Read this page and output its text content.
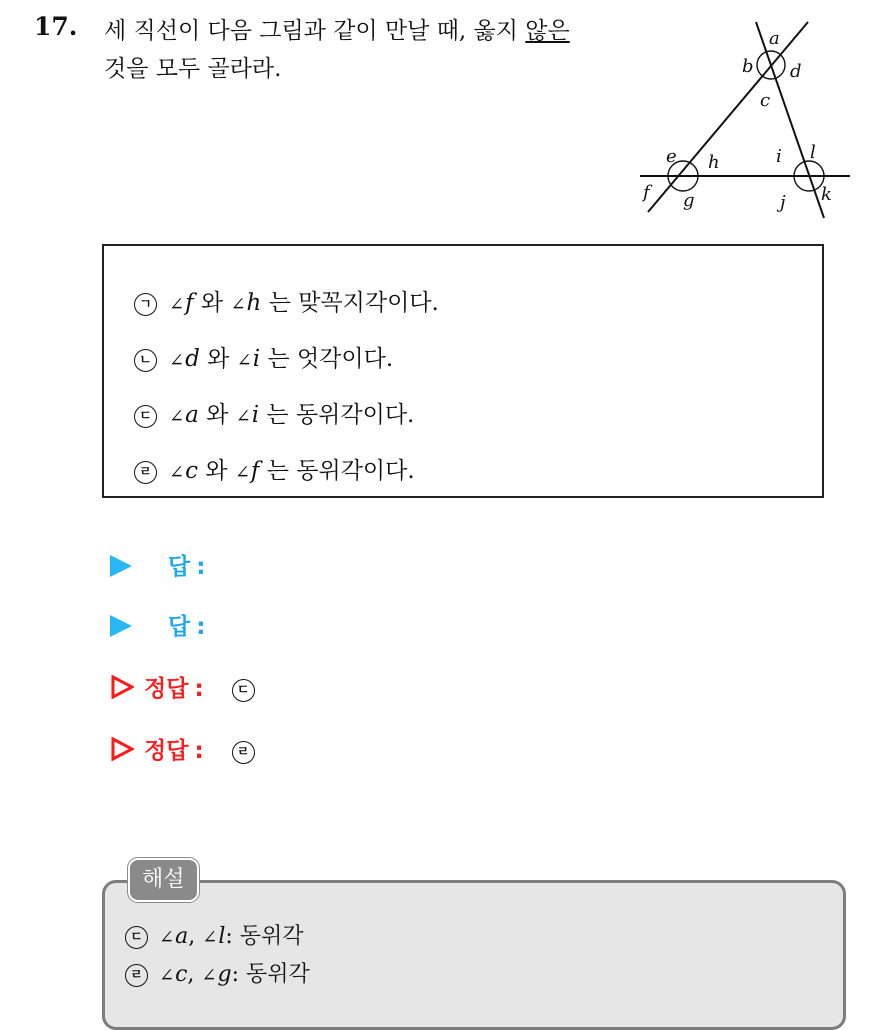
17. 세 직선이 다음 그림과 같이 만날 때, 옳지 않은
것을 모두 골라라.
a
b d
c
e h
f g
i l
j k
ㄱ ∠ f 와 ∠ h 는 맞꼭지각이다.
ㄴ ∠ d 와 ∠ i 는 엇각이다.
ㄷ ∠ a 와 ∠ i 는 동위각이다.
ㄹ ∠ c 와 ∠ f 는 동위각이다.
답 :
답 :
정답 :	ㄷ
정답 :	ㄹ
해설
ㄷ ∠ a, ∠ l: 동위각
ㄹ ∠ c, ∠ g: 동위각
